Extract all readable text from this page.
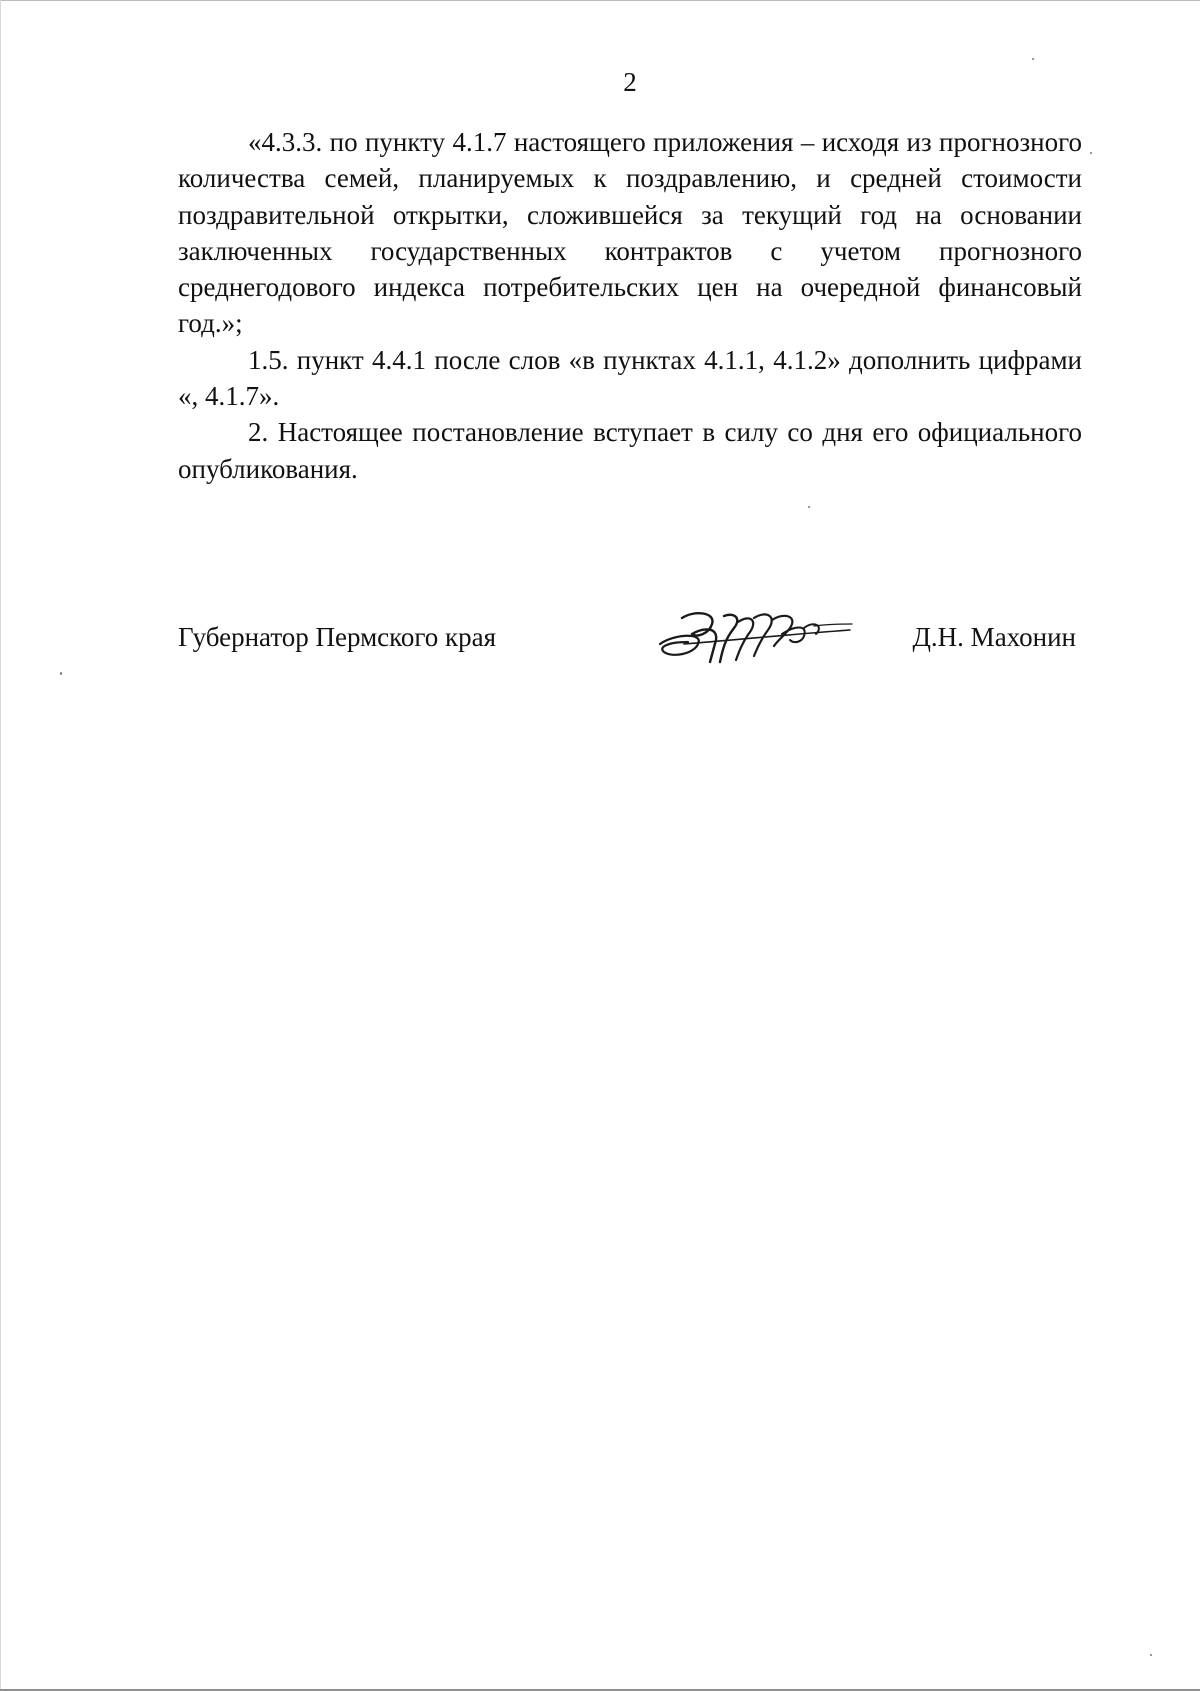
2

«4.3.3. по пункту 4.1.7 настоящего приложения – исходя из прогнозного количества семей, планируемых к поздравлению, и средней стоимости поздравительной открытки, сложившейся за текущий год на основании заключенных государственных контрактов с учетом прогнозного среднегодового индекса потребительских цен на очередной финансовый год.»;

1.5. пункт 4.4.1 после слов «в пунктах 4.1.1, 4.1.2» дополнить цифрами «, 4.1.7».

2. Настоящее постановление вступает в силу со дня его официального опубликования.

Губернатор Пермского края	Д.Н. Махонин
